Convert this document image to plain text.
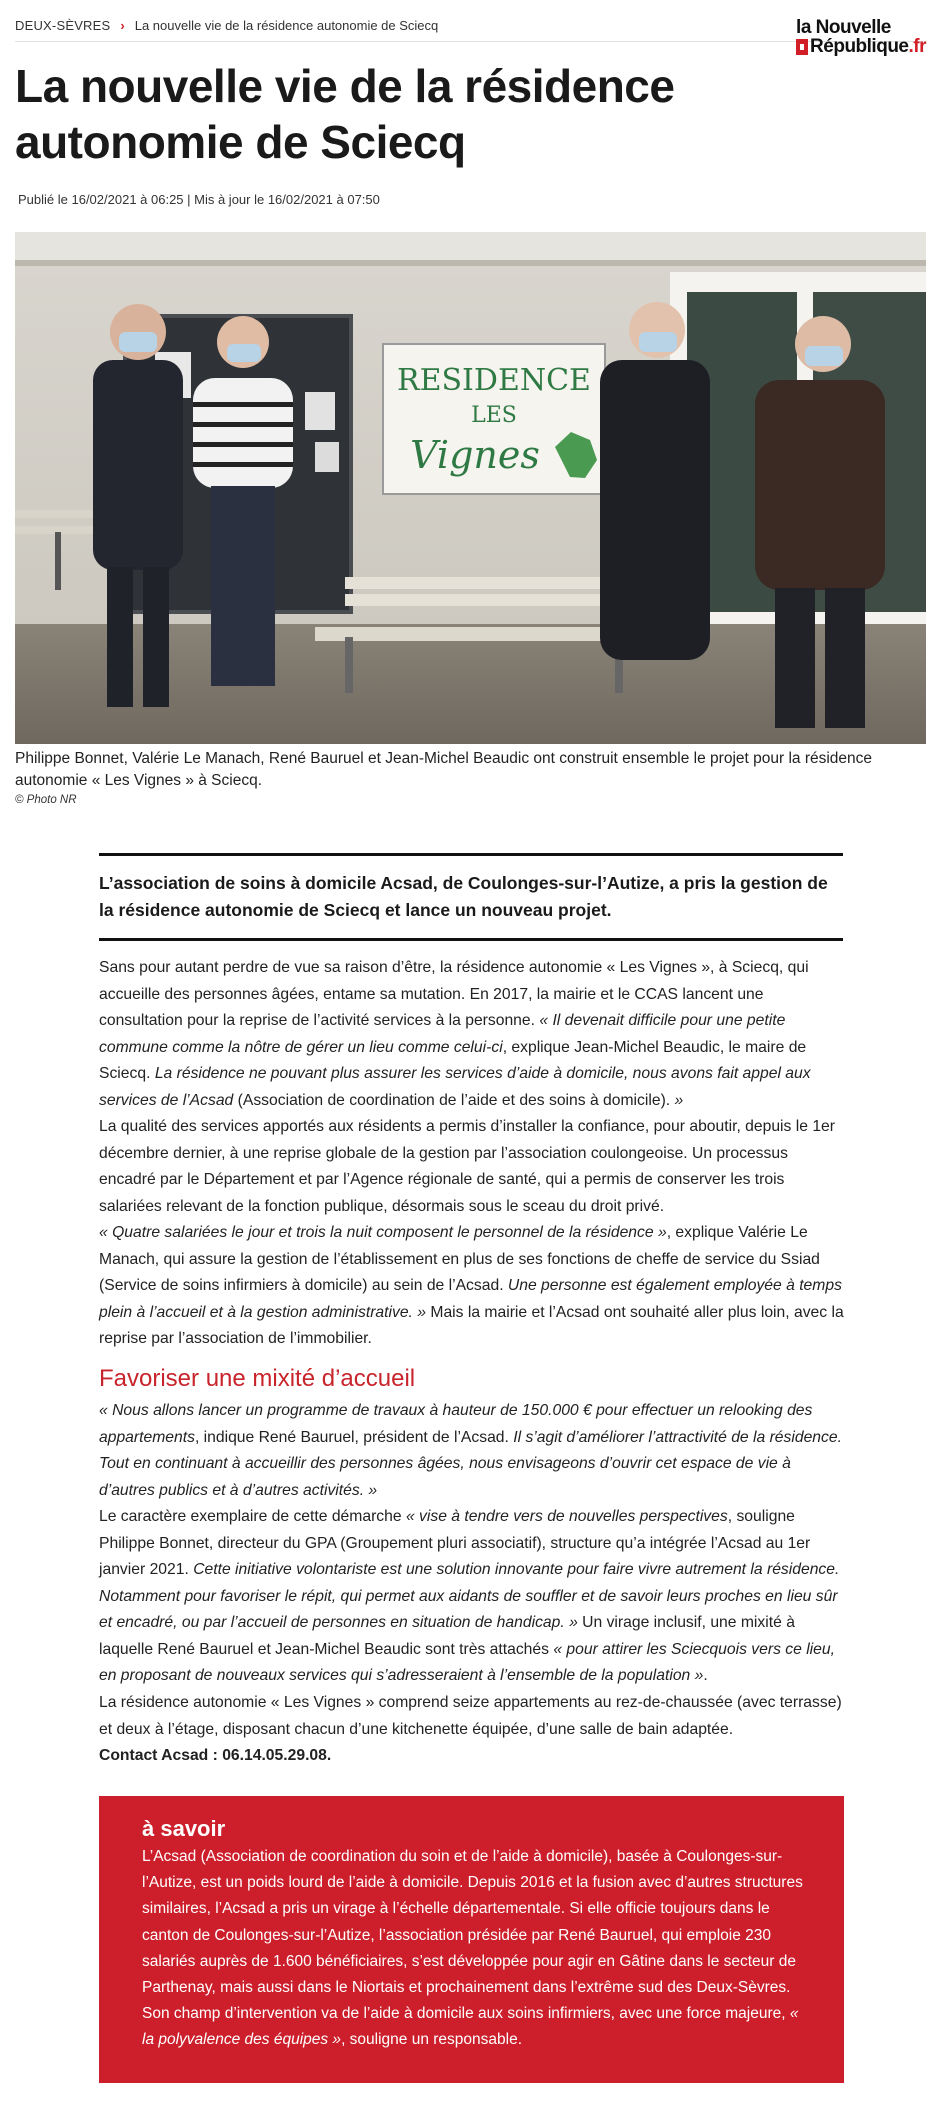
DEUX-SÈVRES › La nouvelle vie de la résidence autonomie de Sciecq	la Nouvelle
République.fr
La nouvelle vie de la résidence autonomie de Sciecq
Publié le 16/02/2021 à 06:25 | Mis à jour le 16/02/2021 à 07:50
RESIDENCE
LES
Vignes
Philippe Bonnet, Valérie Le Manach, René Bauruel et Jean-Michel Beaudic ont construit ensemble le projet pour la résidence autonomie « Les Vignes » à Sciecq.
© Photo NR
L’association de soins à domicile Acsad, de Coulonges-sur-l’Autize, a pris la gestion de la résidence autonomie de Sciecq et lance un nouveau projet.

Sans pour autant perdre de vue sa raison d’être, la résidence autonomie « Les Vignes », à Sciecq, qui accueille des personnes âgées, entame sa mutation. En 2017, la mairie et le CCAS lancent une consultation pour la reprise de l’activité services à la personne. « Il devenait difficile pour une petite commune comme la nôtre de gérer un lieu comme celui-ci, explique Jean-Michel Beaudic, le maire de Sciecq. La résidence ne pouvant plus assurer les services d’aide à domicile, nous avons fait appel aux services de l’Acsad (Association de coordination de l’aide et des soins à domicile). »

La qualité des services apportés aux résidents a permis d’installer la confiance, pour aboutir, depuis le 1er décembre dernier, à une reprise globale de la gestion par l’association coulongeoise. Un processus encadré par le Département et par l’Agence régionale de santé, qui a permis de conserver les trois salariées relevant de la fonction publique, désormais sous le sceau du droit privé.

« Quatre salariées le jour et trois la nuit composent le personnel de la résidence », explique Valérie Le Manach, qui assure la gestion de l’établissement en plus de ses fonctions de cheffe de service du Ssiad (Service de soins infirmiers à domicile) au sein de l’Acsad. Une personne est également employée à temps plein à l’accueil et à la gestion administrative. » Mais la mairie et l’Acsad ont souhaité aller plus loin, avec la reprise par l’association de l’immobilier.

Favoriser une mixité d’accueil

« Nous allons lancer un programme de travaux à hauteur de 150.000 € pour effectuer un relooking des appartements, indique René Bauruel, président de l’Acsad. Il s’agit d’améliorer l’attractivité de la résidence. Tout en continuant à accueillir des personnes âgées, nous envisageons d’ouvrir cet espace de vie à d’autres publics et à d’autres activités. »

Le caractère exemplaire de cette démarche « vise à tendre vers de nouvelles perspectives, souligne Philippe Bonnet, directeur du GPA (Groupement pluri associatif), structure qu’a intégrée l’Acsad au 1er janvier 2021. Cette initiative volontariste est une solution innovante pour faire vivre autrement la résidence. Notamment pour favoriser le répit, qui permet aux aidants de souffler et de savoir leurs proches en lieu sûr et encadré, ou par l’accueil de personnes en situation de handicap. » Un virage inclusif, une mixité à laquelle René Bauruel et Jean-Michel Beaudic sont très attachés « pour attirer les Sciecquois vers ce lieu, en proposant de nouveaux services qui s’adresseraient à l’ensemble de la population ».

La résidence autonomie « Les Vignes » comprend seize appartements au rez-de-chaussée (avec terrasse) et deux à l’étage, disposant chacun d’une kitchenette équipée, d’une salle de bain adaptée.

Contact Acsad : 06.14.05.29.08.

à savoir
L’Acsad (Association de coordination du soin et de l’aide à domicile), basée à Coulonges-sur-l’Autize, est un poids lourd de l’aide à domicile. Depuis 2016 et la fusion avec d’autres structures similaires, l’Acsad a pris un virage à l’échelle départementale. Si elle officie toujours dans le canton de Coulonges-sur-l’Autize, l’association présidée par René Bauruel, qui emploie 230 salariés auprès de 1.600 bénéficiaires, s’est développée pour agir en Gâtine dans le secteur de Parthenay, mais aussi dans le Niortais et prochainement dans l’extrême sud des Deux-Sèvres. Son champ d’intervention va de l’aide à domicile aux soins infirmiers, avec une force majeure, « la polyvalence des équipes », souligne un responsable.
